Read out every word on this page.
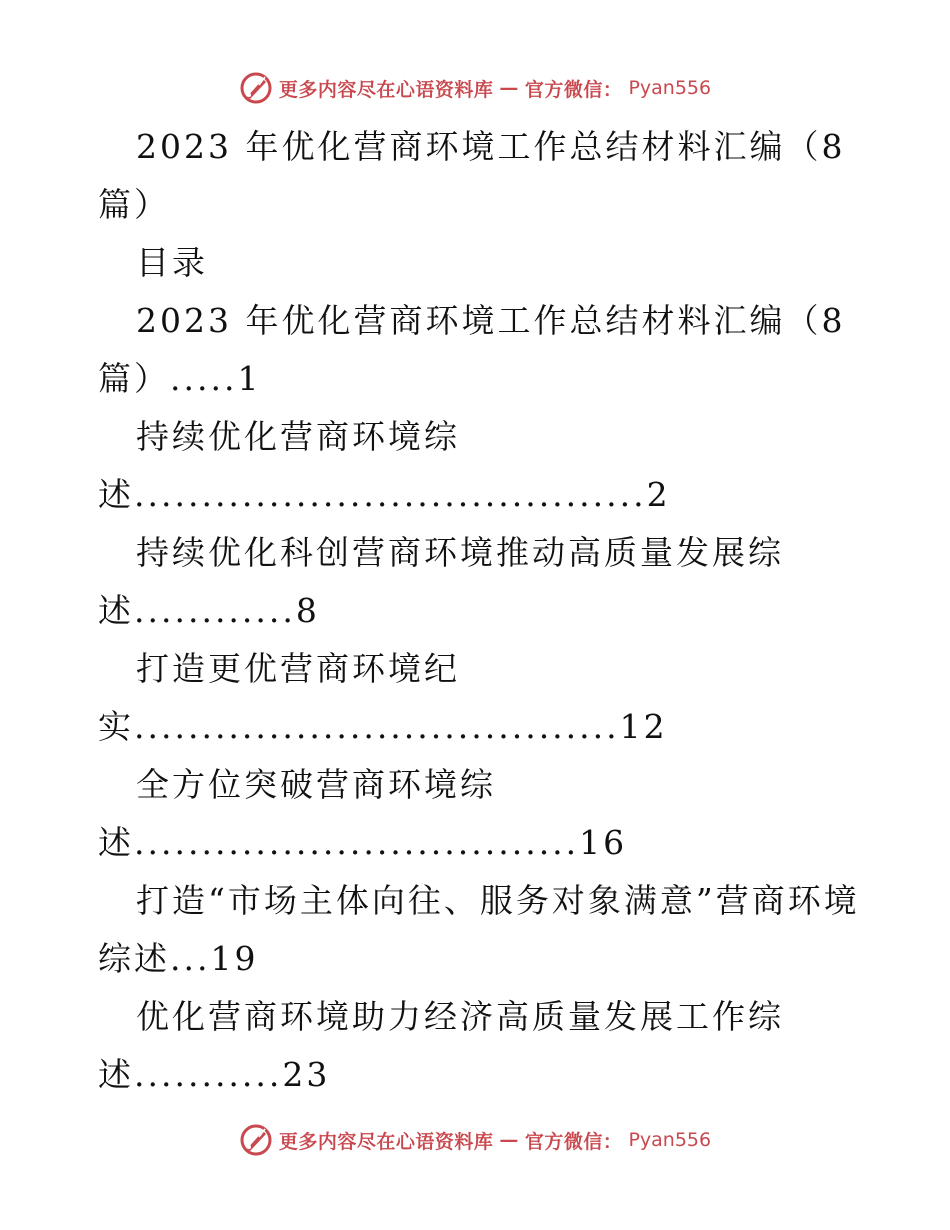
更多内容尽在心语资料库 — 官方微信： Pyan556
2023 年优化营商环境工作总结材料汇编（8
篇）
目录
2023 年优化营商环境工作总结材料汇编（8
篇）.....1
持续优化营商环境综
述......................................2
持续优化科创营商环境推动高质量发展综
述............8
打造更优营商环境纪
实....................................12
全方位突破营商环境综
述.................................16
打造“市场主体向往、服务对象满意”营商环境
综述...19
优化营商环境助力经济高质量发展工作综
述...........23
更多内容尽在心语资料库 — 官方微信： Pyan556
